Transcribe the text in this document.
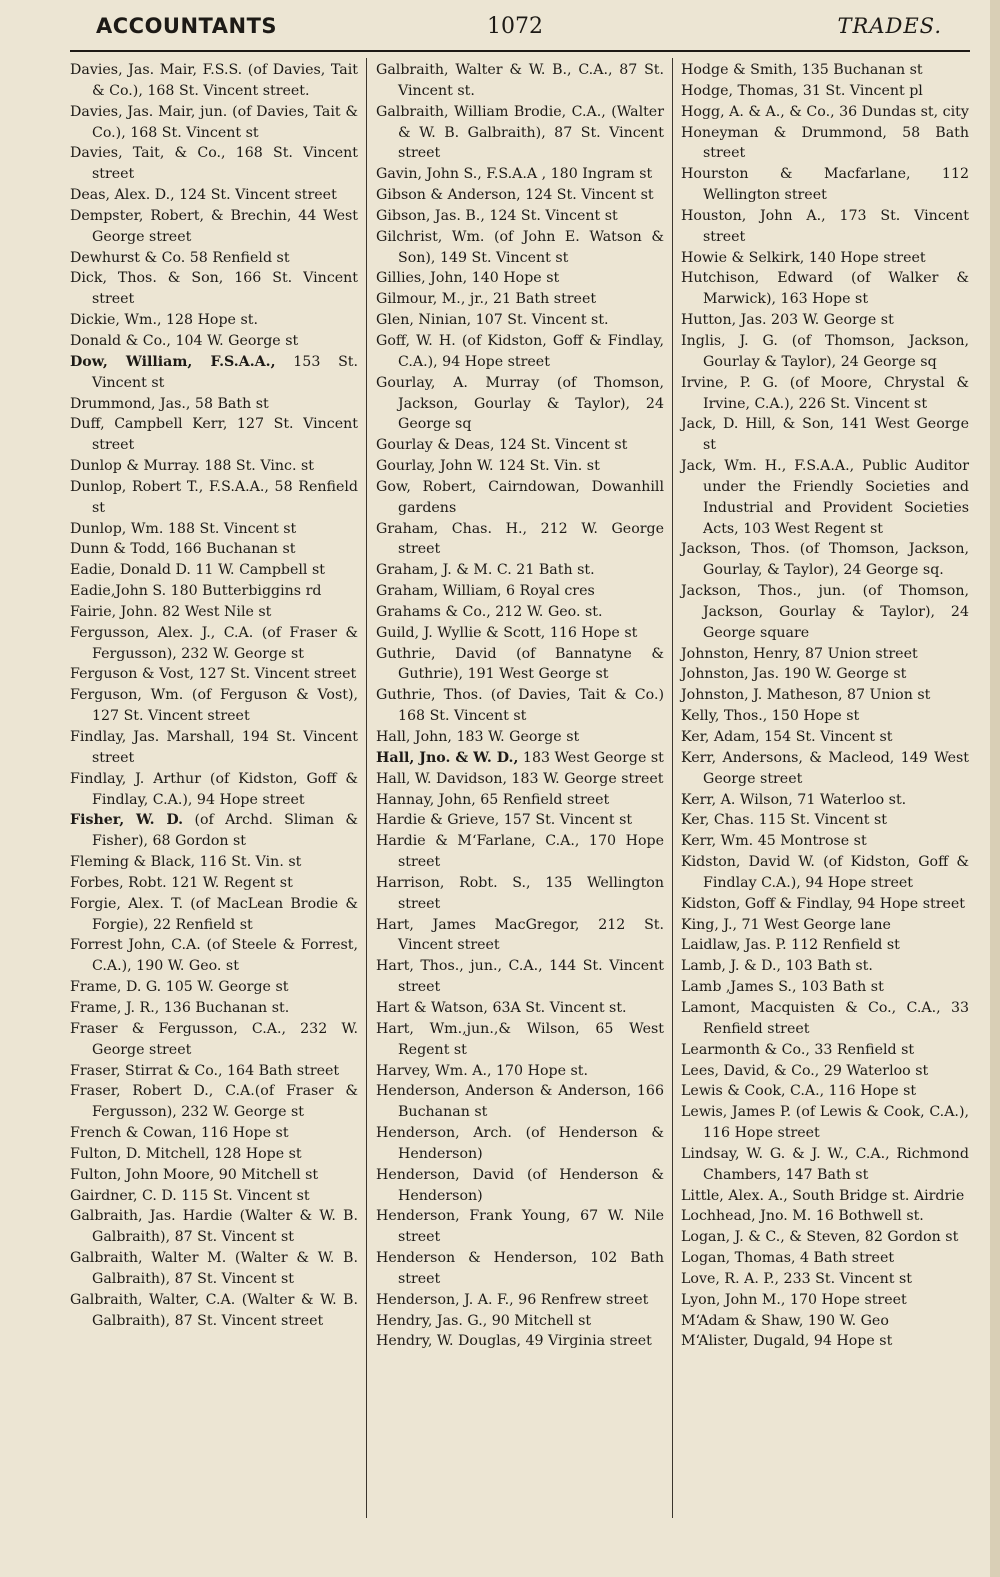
ACCOUNTANTS	1072	TRADES.
Davies, Jas. Mair, F.S.S. (of Davies, Tait & Co.), 168 St. Vincent street.
Davies, Jas. Mair, jun. (of Davies, Tait & Co.), 168 St. Vincent st
Davies, Tait, & Co., 168 St. Vincent street
Deas, Alex. D., 124 St. Vincent street
Dempster, Robert, & Brechin, 44 West George street
Dewhurst & Co. 58 Renfield st
Dick, Thos. & Son, 166 St. Vincent street
Dickie, Wm., 128 Hope st.
Donald & Co., 104 W. George st
Dow, William, F.S.A.A., 153 St. Vincent st
Drummond, Jas., 58 Bath st
Duff, Campbell Kerr, 127 St. Vincent street
Dunlop & Murray. 188 St. Vinc. st
Dunlop, Robert T., F.S.A.A., 58 Renfield st
Dunlop, Wm. 188 St. Vincent st
Dunn & Todd, 166 Buchanan st
Eadie, Donald D. 11 W. Campbell st
Eadie,John S. 180 Butterbiggins rd
Fairie, John. 82 West Nile st
Fergusson, Alex. J., C.A. (of Fraser & Fergusson), 232 W. George st
Ferguson & Vost, 127 St. Vincent street
Ferguson, Wm. (of Ferguson & Vost), 127 St. Vincent street
Findlay, Jas. Marshall, 194 St. Vincent street
Findlay, J. Arthur (of Kidston, Goff & Findlay, C.A.), 94 Hope street
Fisher, W. D. (of Archd. Sliman & Fisher), 68 Gordon st
Fleming & Black, 116 St. Vin. st
Forbes, Robt. 121 W. Regent st
Forgie, Alex. T. (of MacLean Brodie & Forgie), 22 Renfield st
Forrest John, C.A. (of Steele & Forrest, C.A.), 190 W. Geo. st
Frame, D. G. 105 W. George st
Frame, J. R., 136 Buchanan st.
Fraser & Fergusson, C.A., 232 W. George street
Fraser, Stirrat & Co., 164 Bath street
Fraser, Robert D., C.A.(of Fraser & Fergusson), 232 W. George st
French & Cowan, 116 Hope st
Fulton, D. Mitchell, 128 Hope st
Fulton, John Moore, 90 Mitchell st
Gairdner, C. D. 115 St. Vincent st
Galbraith, Jas. Hardie (Walter & W. B. Galbraith), 87 St. Vincent st
Galbraith, Walter M. (Walter & W. B. Galbraith), 87 St. Vincent st
Galbraith, Walter, C.A. (Walter & W. B. Galbraith), 87 St. Vincent street
Galbraith, Walter & W. B., C.A., 87 St. Vincent st.
Galbraith, William Brodie, C.A., (Walter & W. B. Galbraith), 87 St. Vincent street
Gavin, John S., F.S.A.A , 180 Ingram st
Gibson & Anderson, 124 St. Vincent st
Gibson, Jas. B., 124 St. Vincent st
Gilchrist, Wm. (of John E. Watson & Son), 149 St. Vincent st
Gillies, John, 140 Hope st
Gilmour, M., jr., 21 Bath street
Glen, Ninian, 107 St. Vincent st.
Goff, W. H. (of Kidston, Goff & Findlay, C.A.), 94 Hope street
Gourlay, A. Murray (of Thomson, Jackson, Gourlay & Taylor), 24 George sq
Gourlay & Deas, 124 St. Vincent st
Gourlay, John W. 124 St. Vin. st
Gow, Robert, Cairndowan, Dowanhill gardens
Graham, Chas. H., 212 W. George street
Graham, J. & M. C. 21 Bath st.
Graham, William, 6 Royal cres
Grahams & Co., 212 W. Geo. st.
Guild, J. Wyllie & Scott, 116 Hope st
Guthrie, David (of Bannatyne & Guthrie), 191 West George st
Guthrie, Thos. (of Davies, Tait & Co.) 168 St. Vincent st
Hall, John, 183 W. George st
Hall, Jno. & W. D., 183 West George st
Hall, W. Davidson, 183 W. George street
Hannay, John, 65 Renfield street
Hardie & Grieve, 157 St. Vincent st
Hardie & M‘Farlane, C.A., 170 Hope street
Harrison, Robt. S., 135 Wellington street
Hart, James MacGregor, 212 St. Vincent street
Hart, Thos., jun., C.A., 144 St. Vincent street
Hart & Watson, 63A St. Vincent st.
Hart, Wm.,jun.,& Wilson, 65 West Regent st
Harvey, Wm. A., 170 Hope st.
Henderson, Anderson & Anderson, 166 Buchanan st
Henderson, Arch. (of Henderson & Henderson)
Henderson, David (of Henderson & Henderson)
Henderson, Frank Young, 67 W. Nile street
Henderson & Henderson, 102 Bath street
Henderson, J. A. F., 96 Renfrew street
Hendry, Jas. G., 90 Mitchell st
Hendry, W. Douglas, 49 Virginia street
Hodge & Smith, 135 Buchanan st
Hodge, Thomas, 31 St. Vincent pl
Hogg, A. & A., & Co., 36 Dundas st, city
Honeyman & Drummond, 58 Bath street
Hourston & Macfarlane, 112 Wellington street
Houston, John A., 173 St. Vincent street
Howie & Selkirk, 140 Hope street
Hutchison, Edward (of Walker & Marwick), 163 Hope st
Hutton, Jas. 203 W. George st
Inglis, J. G. (of Thomson, Jackson, Gourlay & Taylor), 24 George sq
Irvine, P. G. (of Moore, Chrystal & Irvine, C.A.), 226 St. Vincent st
Jack, D. Hill, & Son, 141 West George st
Jack, Wm. H., F.S.A.A., Public Auditor under the Friendly Societies and Industrial and Provident Societies Acts, 103 West Regent st
Jackson, Thos. (of Thomson, Jackson, Gourlay, & Taylor), 24 George sq.
Jackson, Thos., jun. (of Thomson, Jackson, Gourlay & Taylor), 24 George square
Johnston, Henry, 87 Union street
Johnston, Jas. 190 W. George st
Johnston, J. Matheson, 87 Union st
Kelly, Thos., 150 Hope st
Ker, Adam, 154 St. Vincent st
Kerr, Andersons, & Macleod, 149 West George street
Kerr, A. Wilson, 71 Waterloo st.
Ker, Chas. 115 St. Vincent st
Kerr, Wm. 45 Montrose st
Kidston, David W. (of Kidston, Goff & Findlay C.A.), 94 Hope street
Kidston, Goff & Findlay, 94 Hope street
King, J., 71 West George lane
Laidlaw, Jas. P. 112 Renfield st
Lamb, J. & D., 103 Bath st.
Lamb ,James S., 103 Bath st
Lamont, Macquisten & Co., C.A., 33 Renfield street
Learmonth & Co., 33 Renfield st
Lees, David, & Co., 29 Waterloo st
Lewis & Cook, C.A., 116 Hope st
Lewis, James P. (of Lewis & Cook, C.A.), 116 Hope street
Lindsay, W. G. & J. W., C.A., Richmond Chambers, 147 Bath st
Little, Alex. A., South Bridge st. Airdrie
Lochhead, Jno. M. 16 Bothwell st.
Logan, J. & C., & Steven, 82 Gordon st
Logan, Thomas, 4 Bath street
Love, R. A. P., 233 St. Vincent st
Lyon, John M., 170 Hope street
M‘Adam & Shaw, 190 W. Geo
M‘Alister, Dugald, 94 Hope st
